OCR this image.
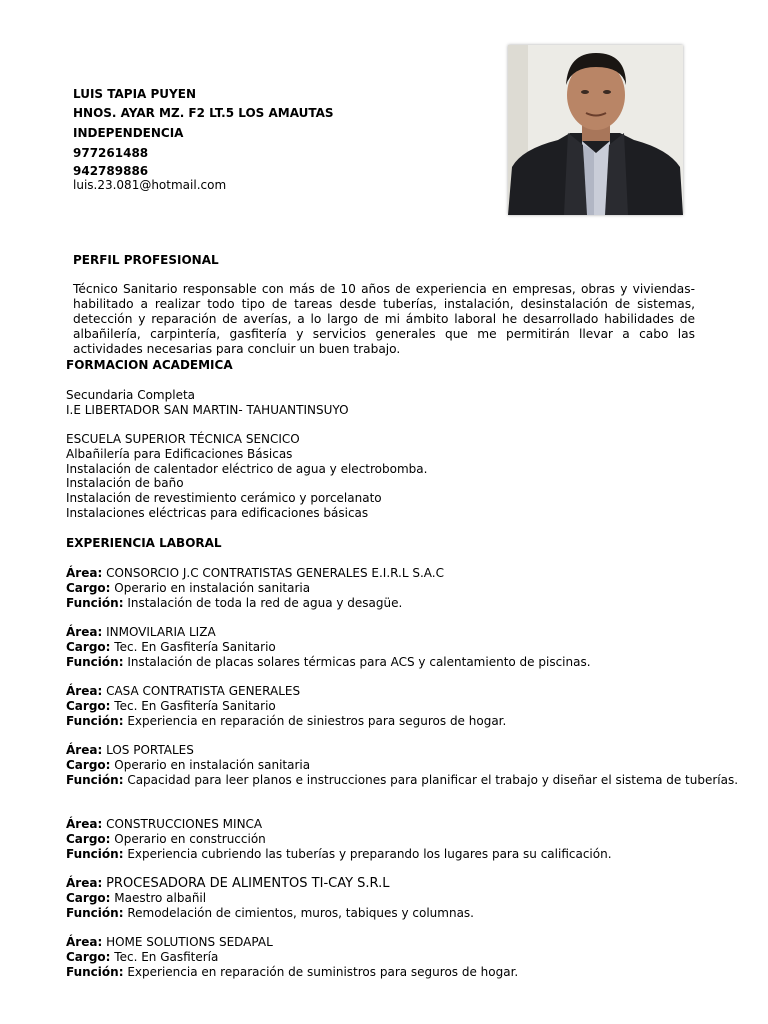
LUIS TAPIA PUYEN
HNOS. AYAR MZ. F2 LT.5 LOS AMAUTAS
INDEPENDENCIA
977261488
942789886
luis.23.081@hotmail.com
PERFIL PROFESIONAL
Técnico Sanitario responsable con más de 10 años de experiencia en empresas, obras y viviendas-habilitado a realizar todo tipo de tareas desde tuberías, instalación, desinstalación de sistemas, detección y reparación de averías, a lo largo de mi ámbito laboral he desarrollado habilidades de albañilería, carpintería, gasfitería y servicios generales que me permitirán llevar a cabo las actividades necesarias para concluir un buen trabajo.
FORMACION ACADEMICA
Secundaria Completa
I.E LIBERTADOR SAN MARTIN- TAHUANTINSUYO
ESCUELA SUPERIOR TÉCNICA SENCICO
Albañilería para Edificaciones Básicas
Instalación de calentador eléctrico de agua y electrobomba.
Instalación de baño
Instalación de revestimiento cerámico y porcelanato
Instalaciones eléctricas para edificaciones básicas
EXPERIENCIA LABORAL
Área: CONSORCIO J.C CONTRATISTAS GENERALES E.I.R.L S.A.C
Cargo: Operario en instalación sanitaria
Función: Instalación de toda la red de agua y desagüe.
Área: INMOVILARIA LIZA
Cargo: Tec. En Gasfitería Sanitario
Función: Instalación de placas solares térmicas para ACS y calentamiento de piscinas.
Área: CASA CONTRATISTA GENERALES
Cargo: Tec. En Gasfitería Sanitario
Función: Experiencia en reparación de siniestros para seguros de hogar.
Área: LOS PORTALES
Cargo: Operario en instalación sanitaria
Función: Capacidad para leer planos e instrucciones para planificar el trabajo y diseñar el sistema de tuberías.
Área: CONSTRUCCIONES MINCA
Cargo: Operario en construcción
Función: Experiencia cubriendo las tuberías y preparando los lugares para su calificación.
Área: PROCESADORA DE ALIMENTOS TI-CAY S.R.L
Cargo: Maestro albañil
Función: Remodelación de cimientos, muros, tabiques y columnas.
Área: HOME SOLUTIONS SEDAPAL
Cargo: Tec. En Gasfitería
Función: Experiencia en reparación de suministros para seguros de hogar.
